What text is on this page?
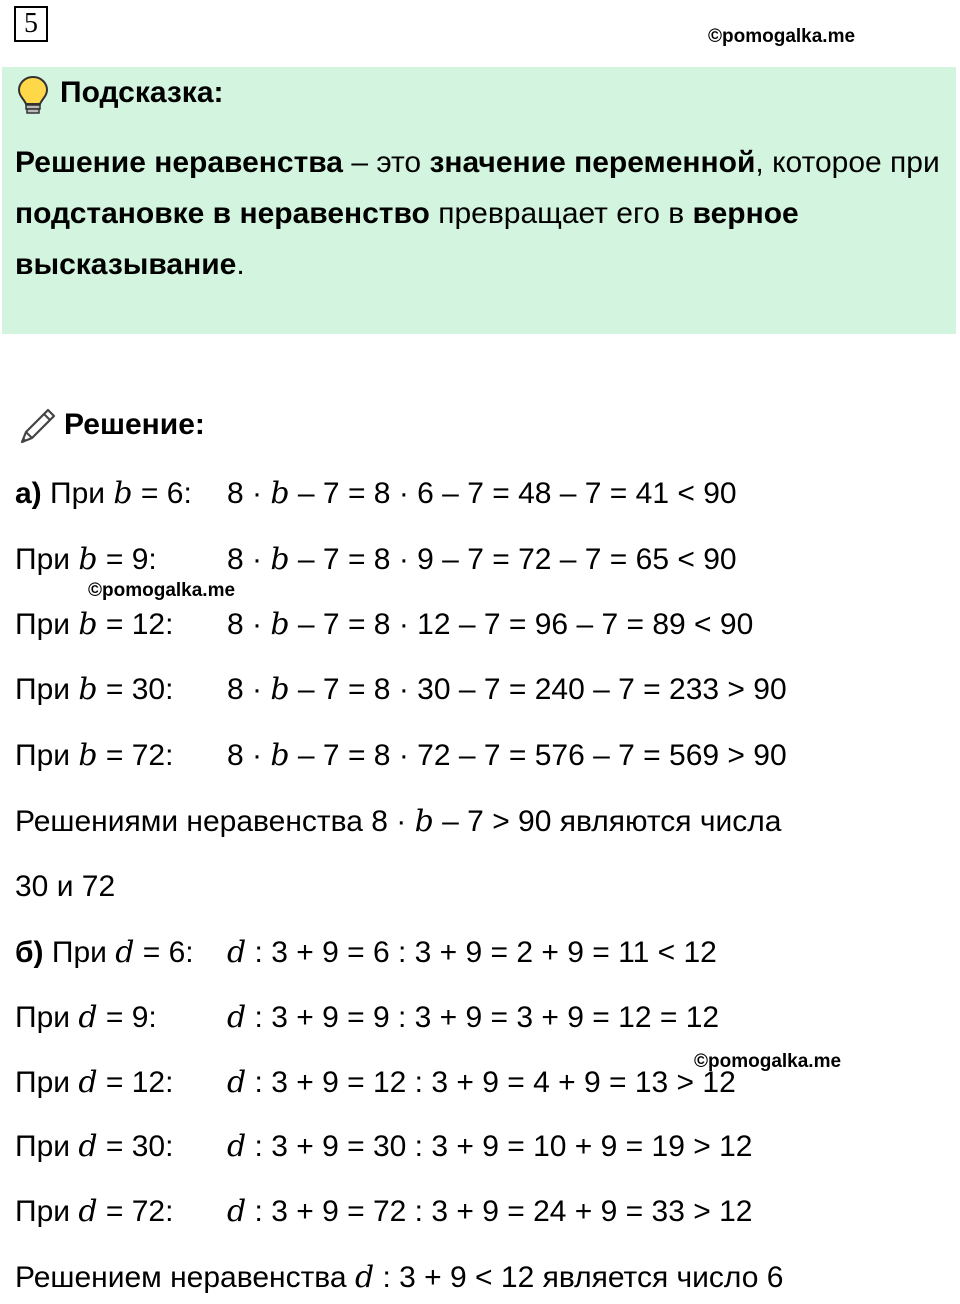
5	©pomogalka.me
Подсказка:
Решение неравенства – это значение переменной, которое при подстановке в неравенство превращает его в верное высказывание.
Решение:
а) При b = 6: 8 · b – 7 = 8 · 6 – 7 = 48 – 7 = 41 < 90
При b = 9: 8 · b – 7 = 8 · 9 – 7 = 72 – 7 = 65 < 90
©pomogalka.me
При b = 12: 8 · b – 7 = 8 · 12 – 7 = 96 – 7 = 89 < 90
При b = 30: 8 · b – 7 = 8 · 30 – 7 = 240 – 7 = 233 > 90
При b = 72: 8 · b – 7 = 8 · 72 – 7 = 576 – 7 = 569 > 90
Решениями неравенства 8 · b – 7 > 90 являются числа
30 и 72
б) При d = 6: d : 3 + 9 = 6 : 3 + 9 = 2 + 9 = 11 < 12
При d = 9: d : 3 + 9 = 9 : 3 + 9 = 3 + 9 = 12 = 12
©pomogalka.me
При d = 12: d : 3 + 9 = 12 : 3 + 9 = 4 + 9 = 13 > 12
При d = 30: d : 3 + 9 = 30 : 3 + 9 = 10 + 9 = 19 > 12
При d = 72: d : 3 + 9 = 72 : 3 + 9 = 24 + 9 = 33 > 12
Решением неравенства d : 3 + 9 < 12 является число 6
